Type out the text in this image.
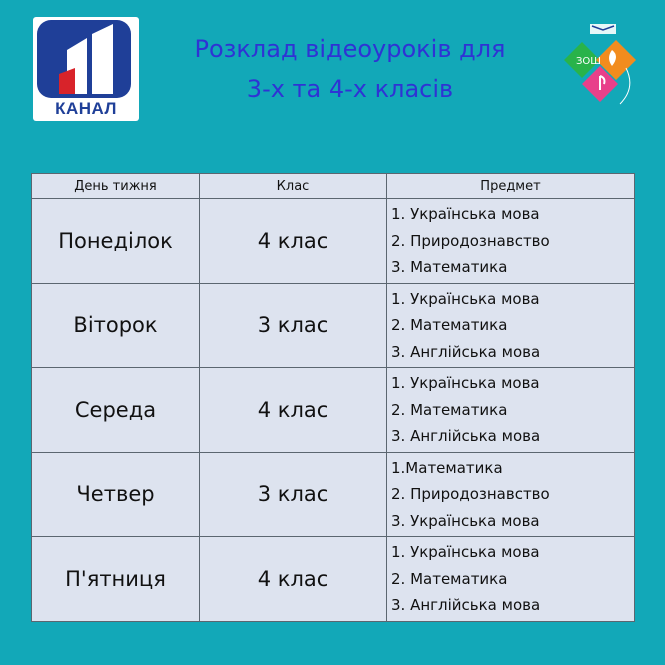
КАНАЛ
Розклад відеоуроків для
3-х та 4-х класів
ЗОШ
День тижня	Клас	Предмет
Понеділок	4 клас	1. Українська мова
2. Природознавство
3. Математика

Віторок	3 клас	1. Українська мова
2. Математика
3. Англійська мова

Середа	4 клас	1. Українська мова
2. Математика
3. Англійська мова

Четвер	3 клас	1.Математика
2. Природознавство
3. Українська мова

П'ятниця	4 клас	1. Українська мова
2. Математика
3. Англійська мова
